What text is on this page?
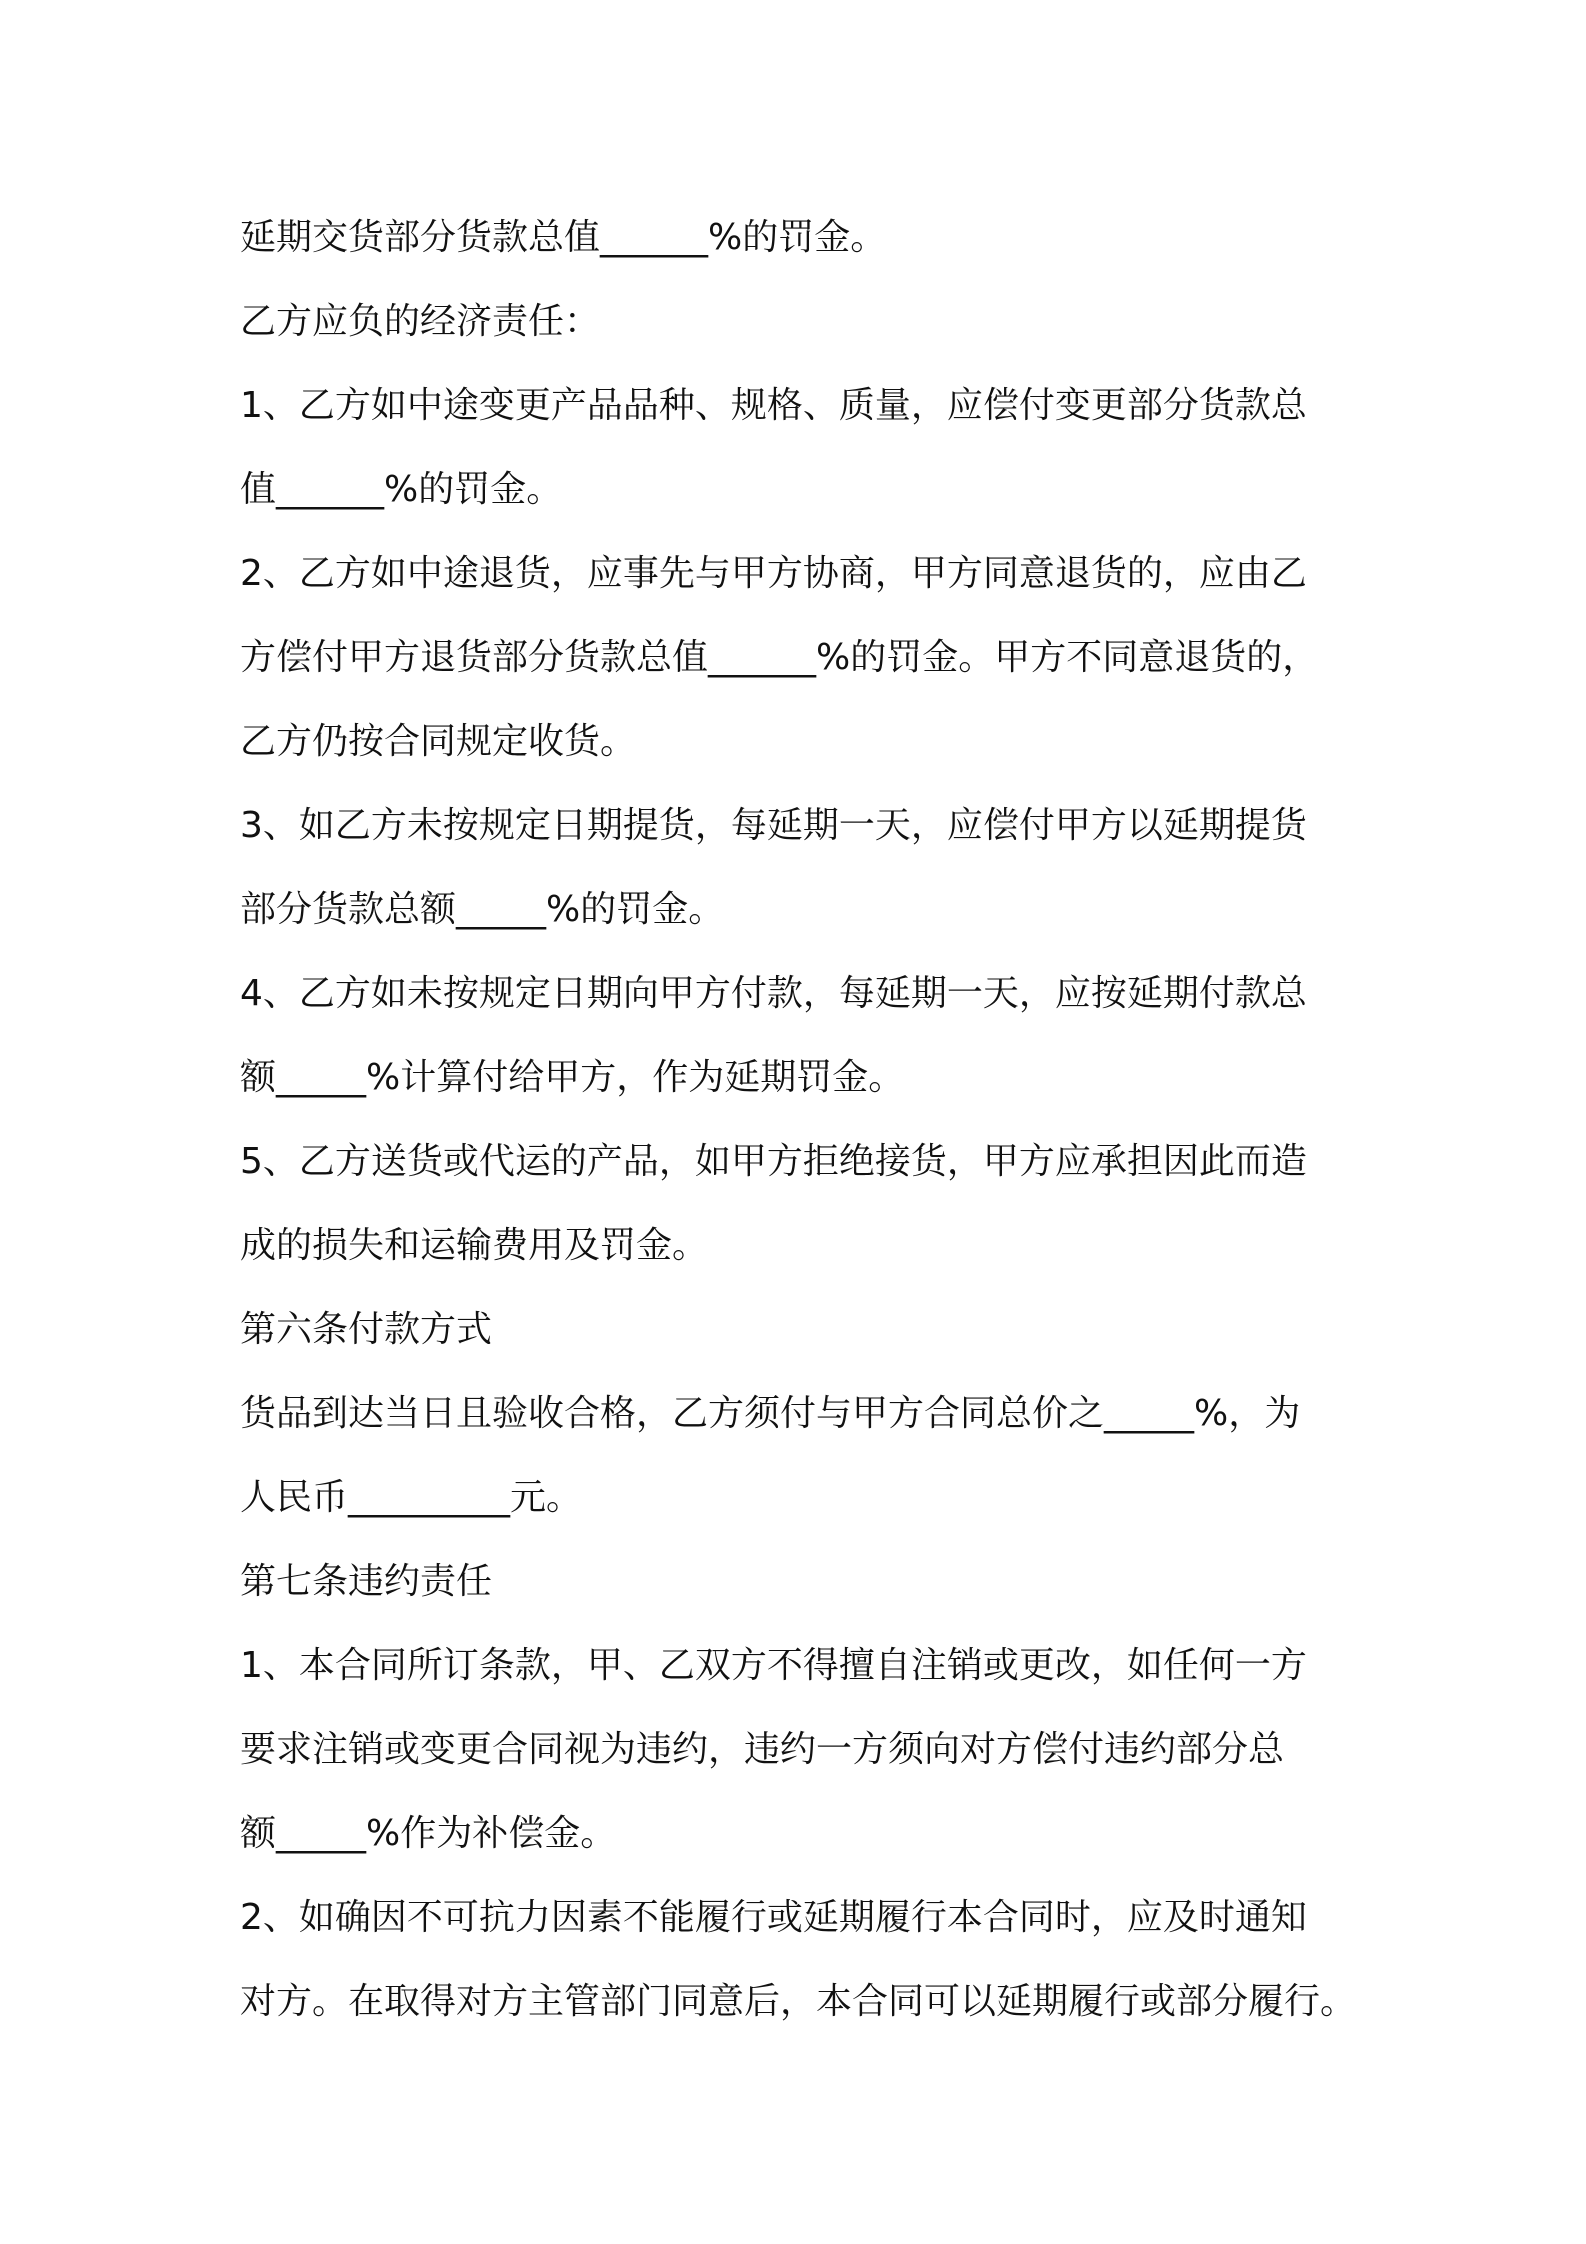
延期交货部分货款总值______%的罚金。
乙方应负的经济责任：
1、乙方如中途变更产品品种、规格、质量，应偿付变更部分货款总
值______%的罚金。
2、乙方如中途退货，应事先与甲方协商，甲方同意退货的，应由乙
方偿付甲方退货部分货款总值______%的罚金。甲方不同意退货的，
乙方仍按合同规定收货。
3、如乙方未按规定日期提货，每延期一天，应偿付甲方以延期提货
部分货款总额_____%的罚金。
4、乙方如未按规定日期向甲方付款，每延期一天，应按延期付款总
额_____%计算付给甲方，作为延期罚金。
5、乙方送货或代运的产品，如甲方拒绝接货，甲方应承担因此而造
成的损失和运输费用及罚金。
第六条付款方式
货品到达当日且验收合格，乙方须付与甲方合同总价之_____%，为
人民币_________元。
第七条违约责任
1、本合同所订条款，甲、乙双方不得擅自注销或更改，如任何一方
要求注销或变更合同视为违约，违约一方须向对方偿付违约部分总
额_____%作为补偿金。
2、如确因不可抗力因素不能履行或延期履行本合同时，应及时通知
对方。在取得对方主管部门同意后，本合同可以延期履行或部分履行。
